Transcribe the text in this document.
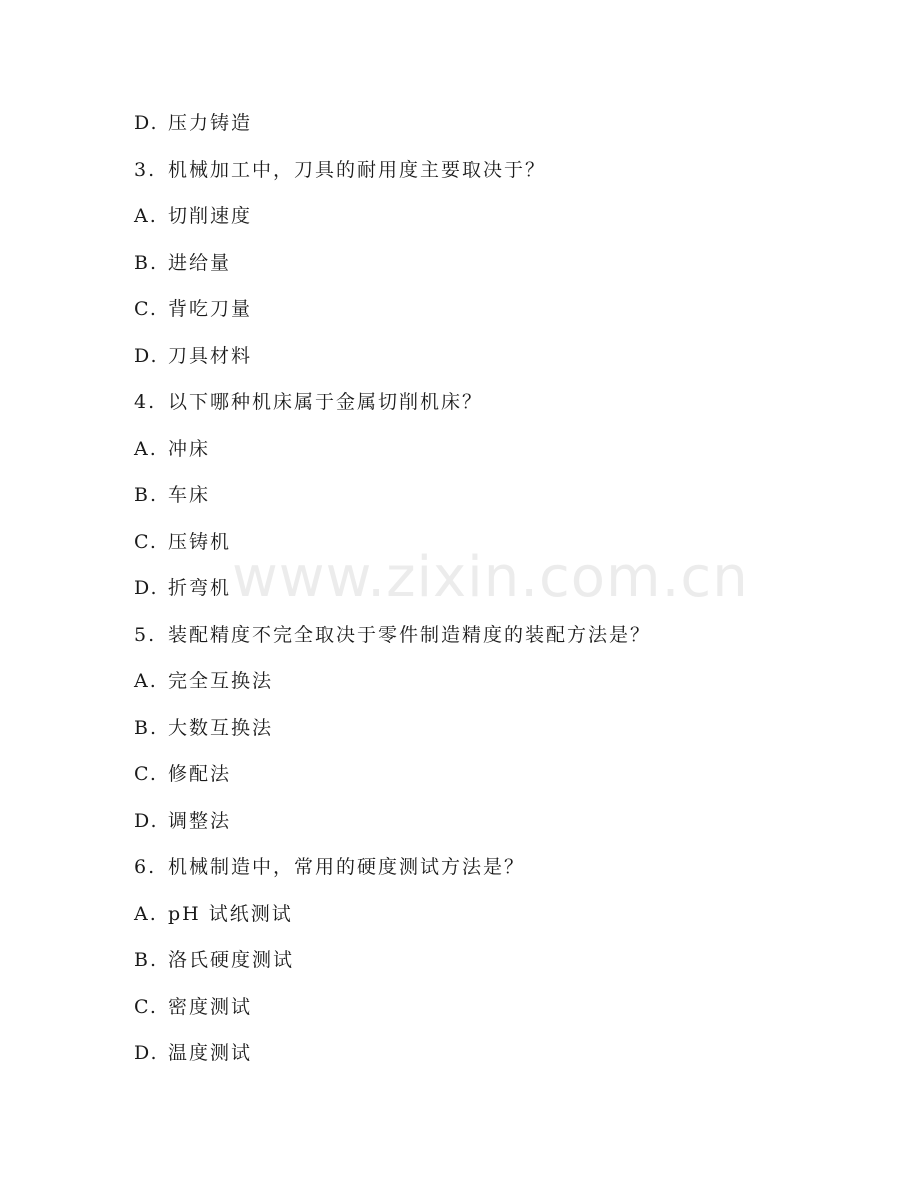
D. 压力铸造
3. 机械加工中，刀具的耐用度主要取决于？
A. 切削速度
B. 进给量
C. 背吃刀量
D. 刀具材料
4. 以下哪种机床属于金属切削机床？
A. 冲床
B. 车床
C. 压铸机
D. 折弯机
5. 装配精度不完全取决于零件制造精度的装配方法是？
A. 完全互换法
B. 大数互换法
C. 修配法
D. 调整法
6. 机械制造中，常用的硬度测试方法是？
A. pH 试纸测试
B. 洛氏硬度测试
C. 密度测试
D. 温度测试
www.zixin.com.cn
